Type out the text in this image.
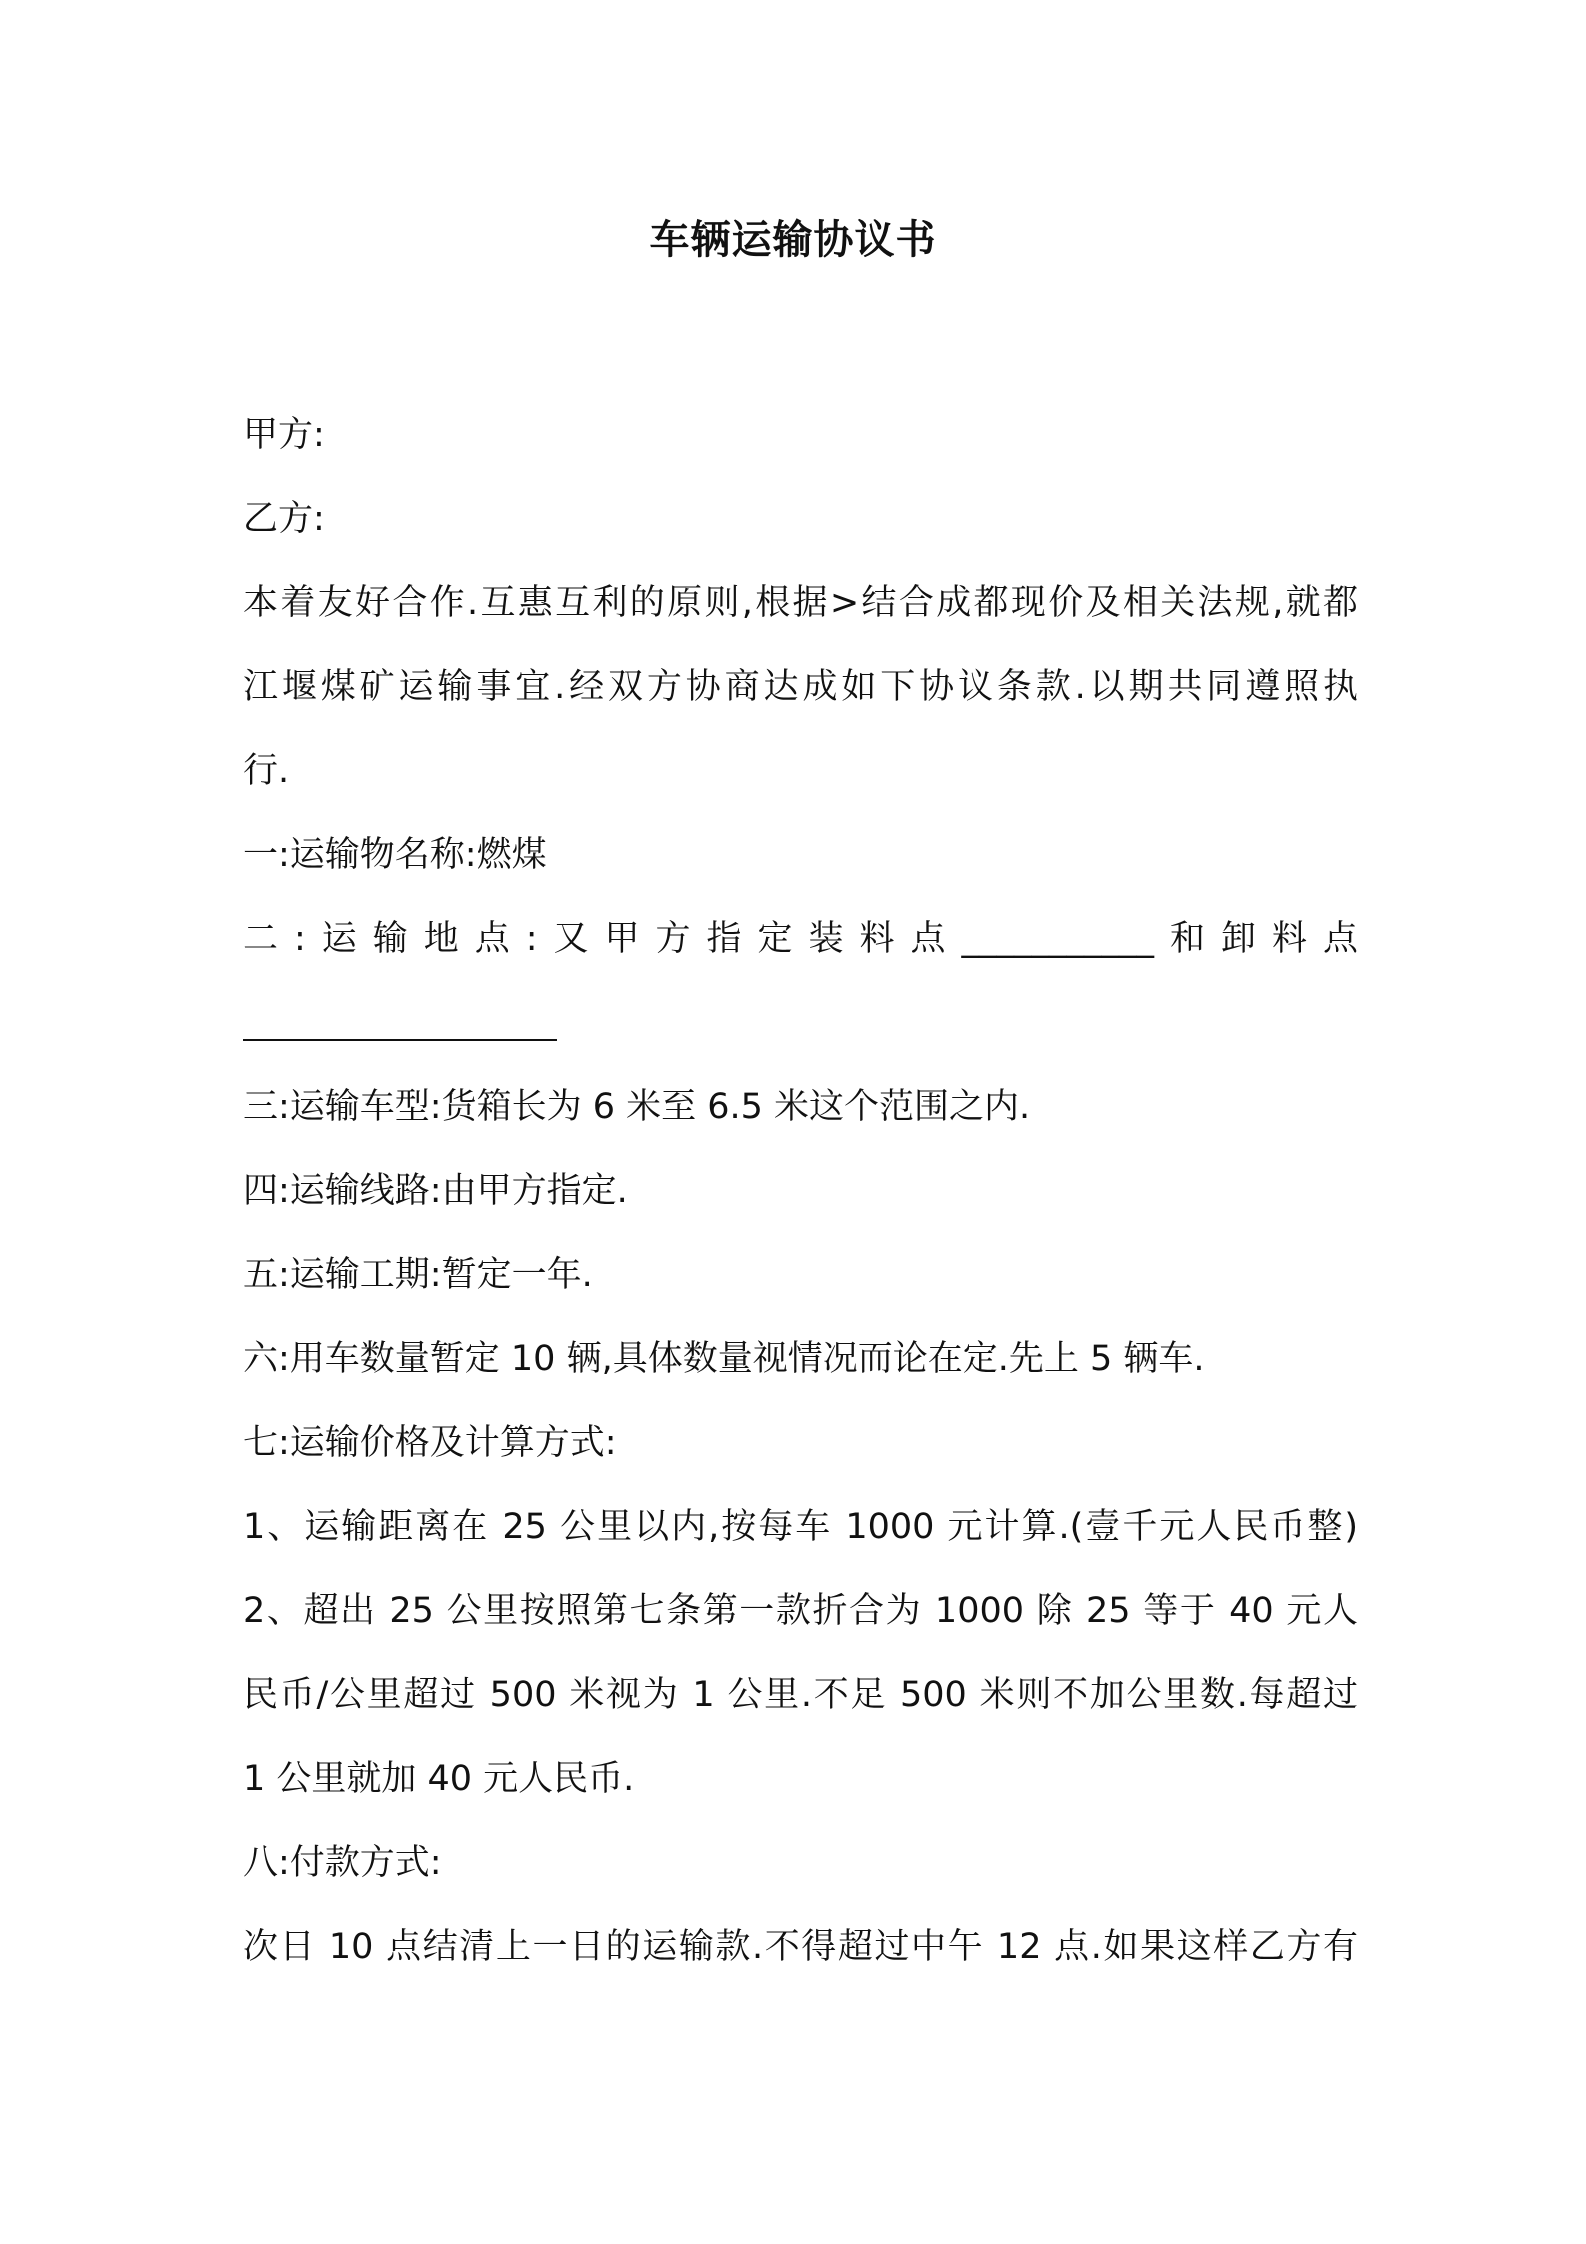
车辆运输协议书
甲方:
乙方:
本着友好合作.互惠互利的原则,根据>结合成都现价及相关法规,就都
江堰煤矿运输事宜.经双方协商达成如下协议条款.以期共同遵照执
行.
一:运输物名称:燃煤
二:运输地点:又甲方指定装料点___________和卸料点
三:运输车型:货箱长为 6 米至 6.5 米这个范围之内.
四:运输线路:由甲方指定.
五:运输工期:暂定一年.
六:用车数量暂定 10 辆,具体数量视情况而论在定.先上 5 辆车.
七:运输价格及计算方式:
1、运输距离在 25 公里以内,按每车 1000 元计算.(壹千元人民币整)
2、超出 25 公里按照第七条第一款折合为 1000 除 25 等于 40 元人
民币/公里超过 500 米视为 1 公里.不足 500 米则不加公里数.每超过
1 公里就加 40 元人民币.
八:付款方式:
次日 10 点结清上一日的运输款.不得超过中午 12 点.如果这样乙方有
